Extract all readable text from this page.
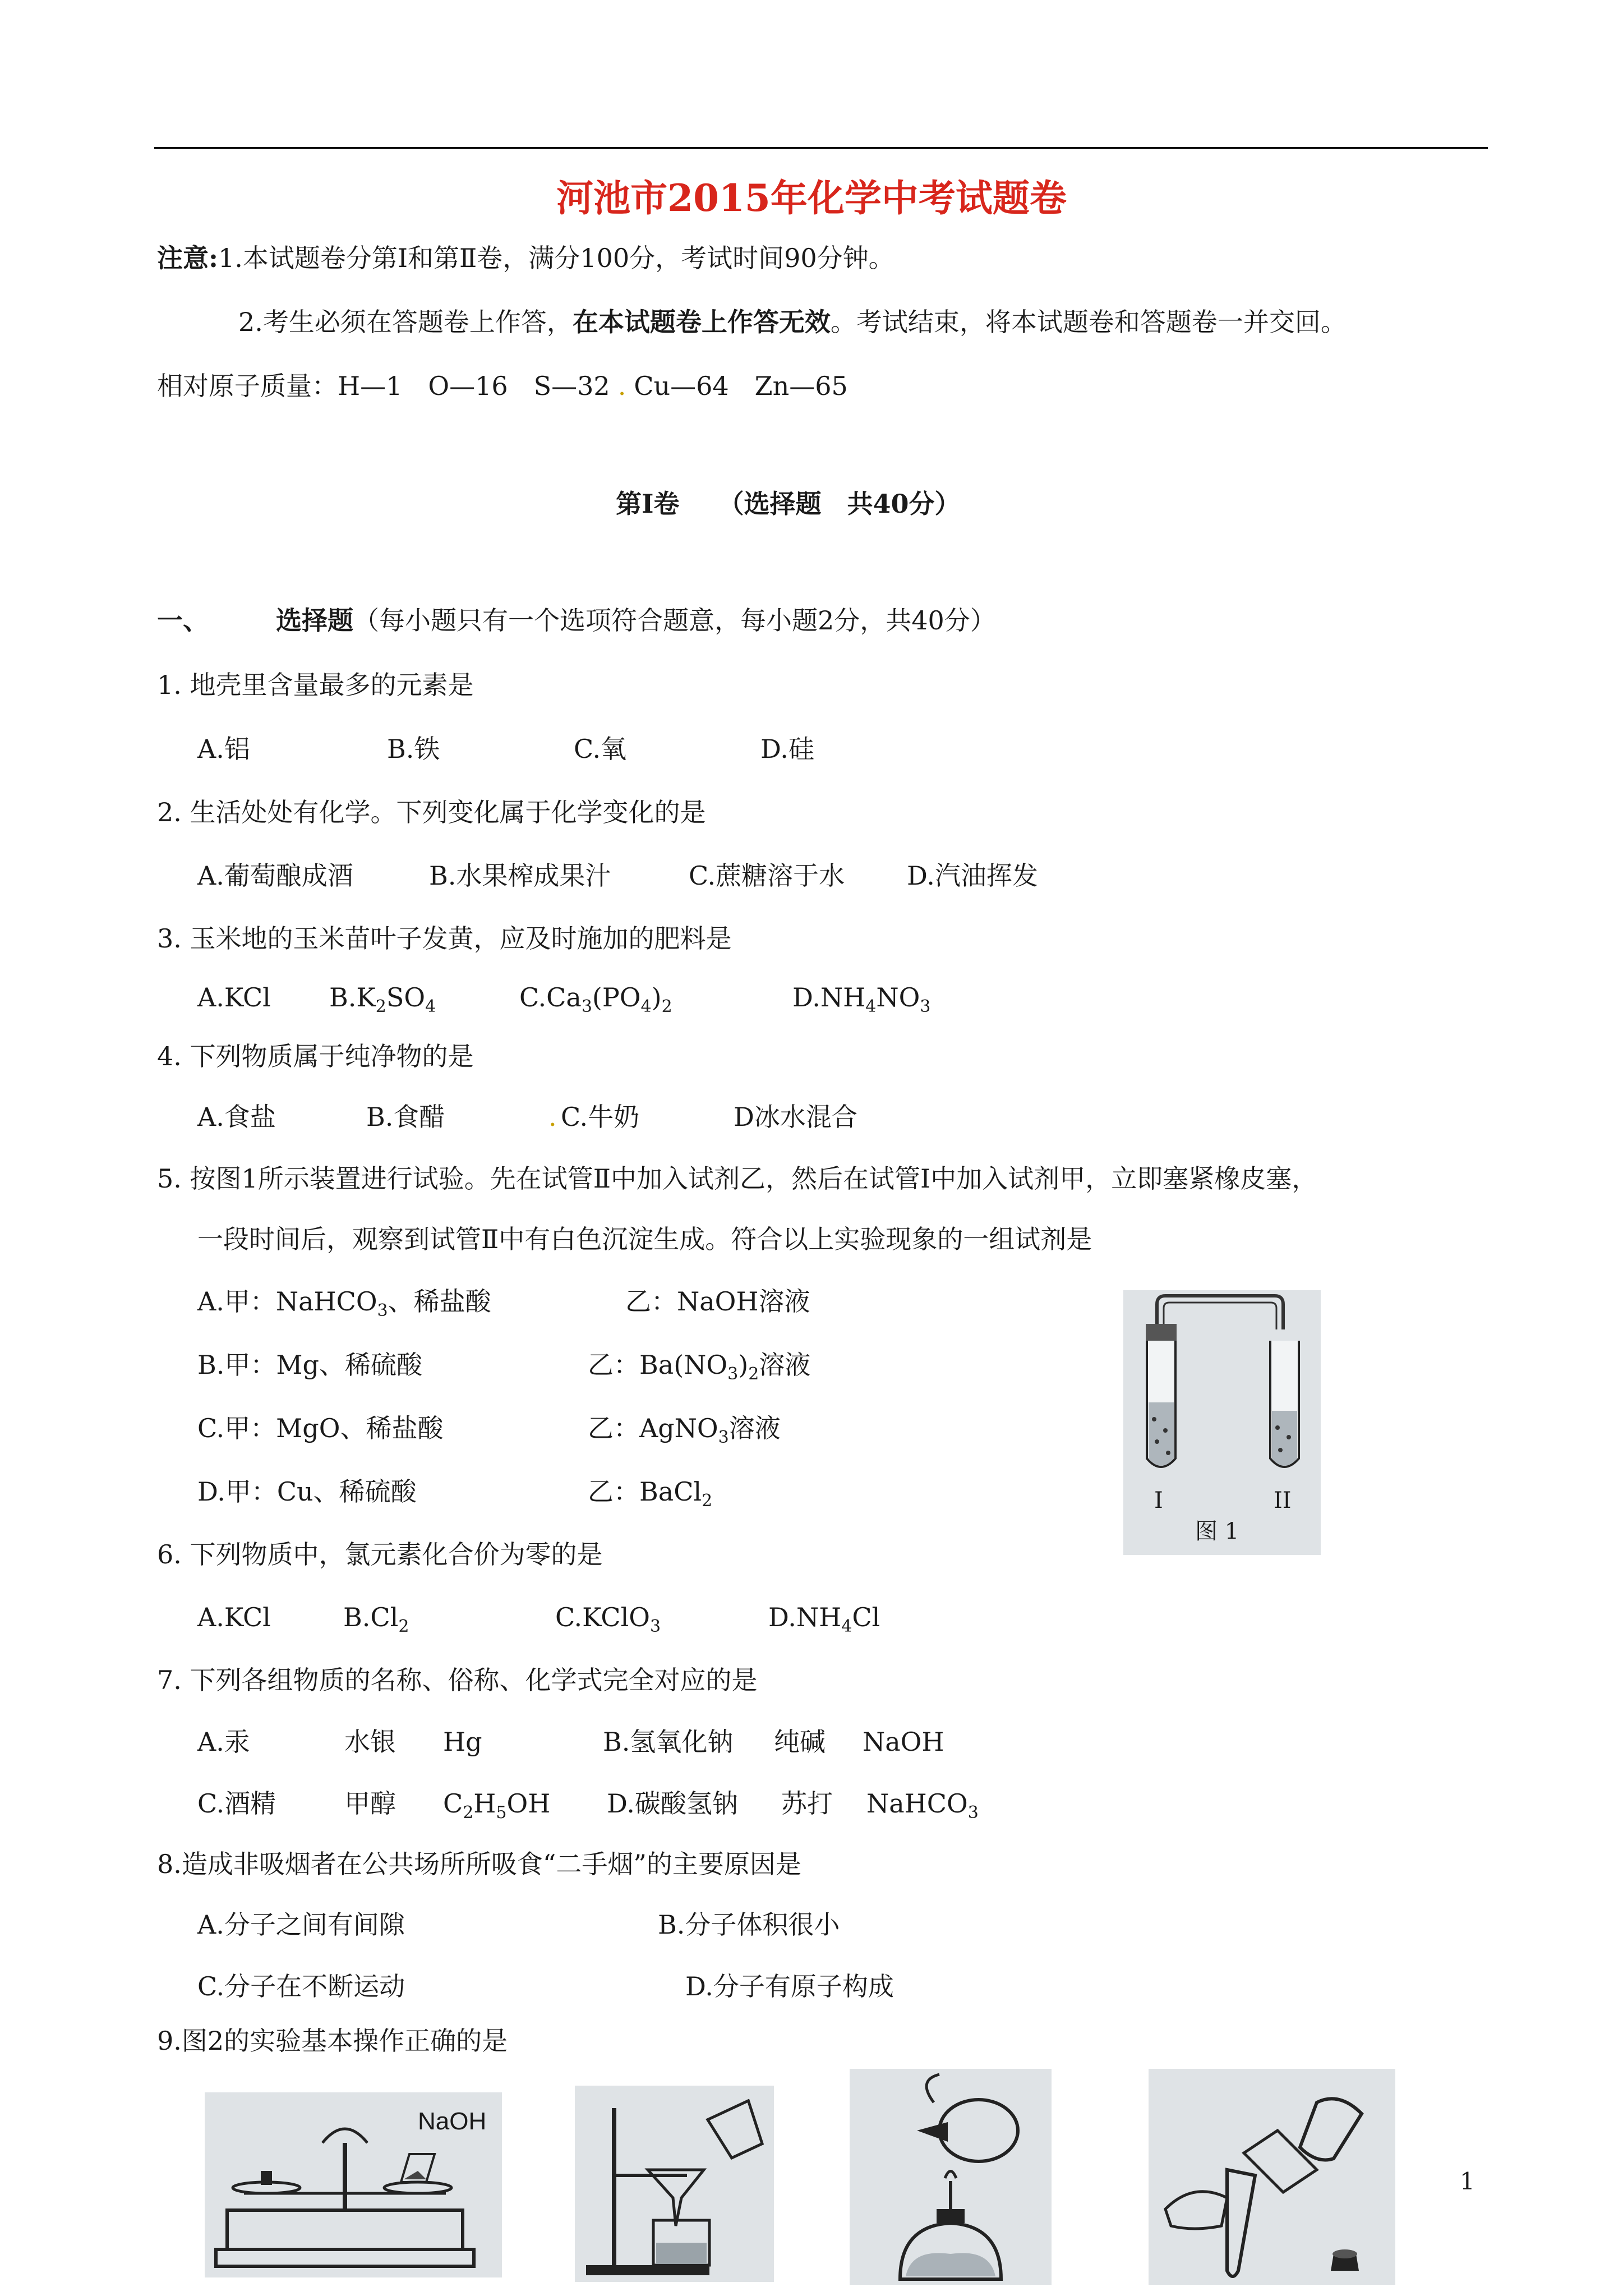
河池市2015年化学中考试题卷
注意:1.本试题卷分第Ⅰ和第Ⅱ卷，满分100分，考试时间90分钟。
2.考生必须在答题卷上作答，在本试题卷上作答无效。考试结束，将本试题卷和答题卷一并交回。
相对原子质量：H—1　O—16　S—32 . Cu—64　Zn—65
第Ⅰ卷　　（选择题　共40分）
一、	选择题（每小题只有一个选项符合题意，每小题2分，共40分）
1. 地壳里含量最多的元素是
A.铝	B.铁	C.氧	D.硅
2. 生活处处有化学。下列变化属于化学变化的是
A.葡萄酿成酒	B.水果榨成果汁	C.蔗糖溶于水 D.汽油挥发
3. 玉米地的玉米苗叶子发黄，应及时施加的肥料是
A.KCl $B.K_2SO_4$	$C.Ca_3(PO_4)_2$	$D.NH_4NO_3$
4. 下列物质属于纯净物的是
A.食盐	B.食醋	. C.牛奶	D冰水混合
5. 按图1所示装置进行试验。先在试管Ⅱ中加入试剂乙，然后在试管Ⅰ中加入试剂甲，立即塞紧橡皮塞，
一段时间后，观察到试管Ⅱ中有白色沉淀生成。符合以上实验现象的一组试剂是
A.甲：NaHCO$_3$、稀盐酸	乙：NaOH溶液
B.甲：Mg、稀硫酸	乙：$Ba(NO_3)_2$溶液
C.甲：MgO、稀盐酸	乙：AgNO$_3$溶液
D.甲：Cu、稀硫酸	乙：BaCl$_2$	I	II
图 1
6. 下列物质中，氯元素化合价为零的是
A.KCl	$B.Cl_2$	C.KClO$_3$	$D.NH_4Cl$
7. 下列各组物质的名称、俗称、化学式完全对应的是
A.汞	水银 Hg	B.氢氧化钠 纯碱 NaOH
C.酒精	甲醇 $C_2H_5OH$ D.碳酸氢钠 苏打 NaHCO$_3$
8.造成非吸烟者在公共场所所吸食“二手烟”的主要原因是
A.分子之间有间隙	B.分子体积很小
C.分子在不断运动	D.分子有原子构成
9.图2的实验基本操作正确的是
NaOH
1
